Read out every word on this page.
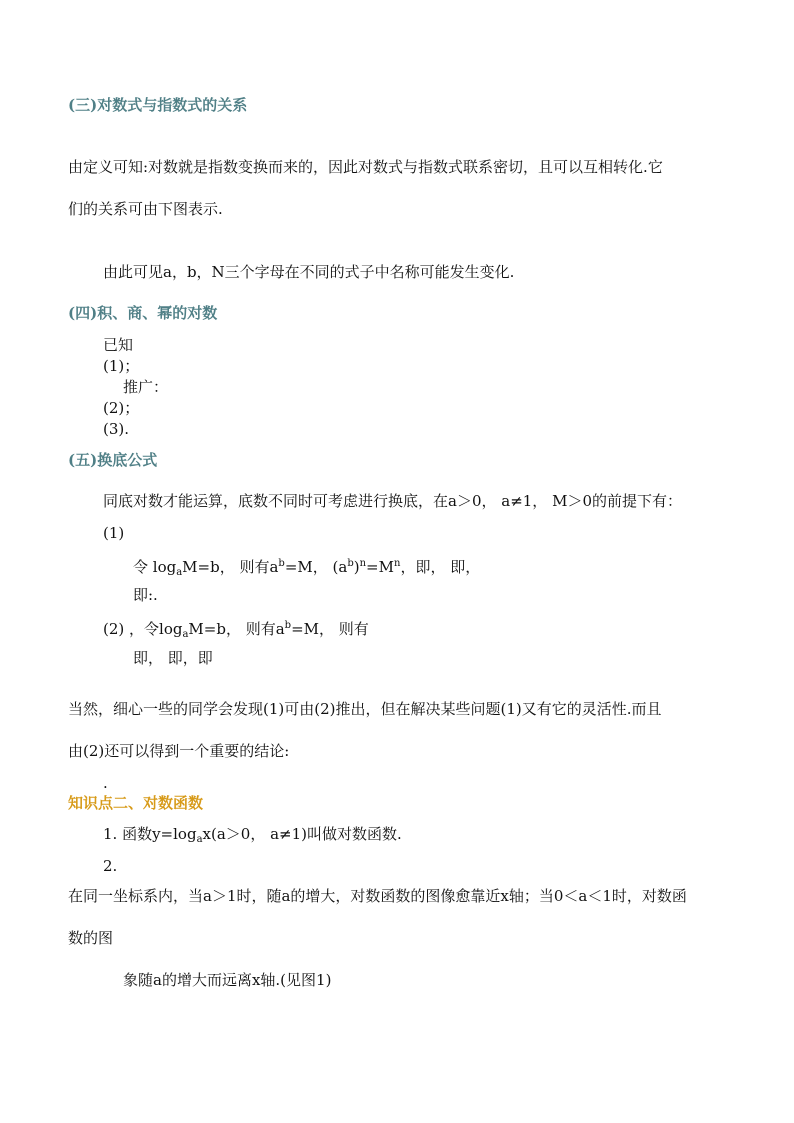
(三)对数式与指数式的关系
由定义可知:对数就是指数变换而来的，因此对数式与指数式联系密切，且可以互相转化.它
们的关系可由下图表示.
由此可见a，b，N三个字母在不同的式子中名称可能发生变化.
(四)积、商、幂的对数
已知
(1)；
推广：
(2)；
(3).
(五)换底公式
同底对数才能运算，底数不同时可考虑进行换底，在a＞0， a≠1， M＞0的前提下有：
(1)
令 $\log_aM=b$， 则有$a^b=M$， $(a^b)^n=M^n$，即， 即，
即:.
(2) ，令$\log_aM=b$， 则有$a^b=M$， 则有
即， 即，即
当然，细心一些的同学会发现(1)可由(2)推出，但在解决某些问题(1)又有它的灵活性.而且
由(2)还可以得到一个重要的结论:
.
知识点二、对数函数
1. 函数$y=\log_ax(a>0$， a≠1)叫做对数函数.
2.
在同一坐标系内，当a＞1时，随a的增大，对数函数的图像愈靠近x轴；当0＜a＜1时，对数函
数的图
象随a的增大而远离x轴.(见图1)
